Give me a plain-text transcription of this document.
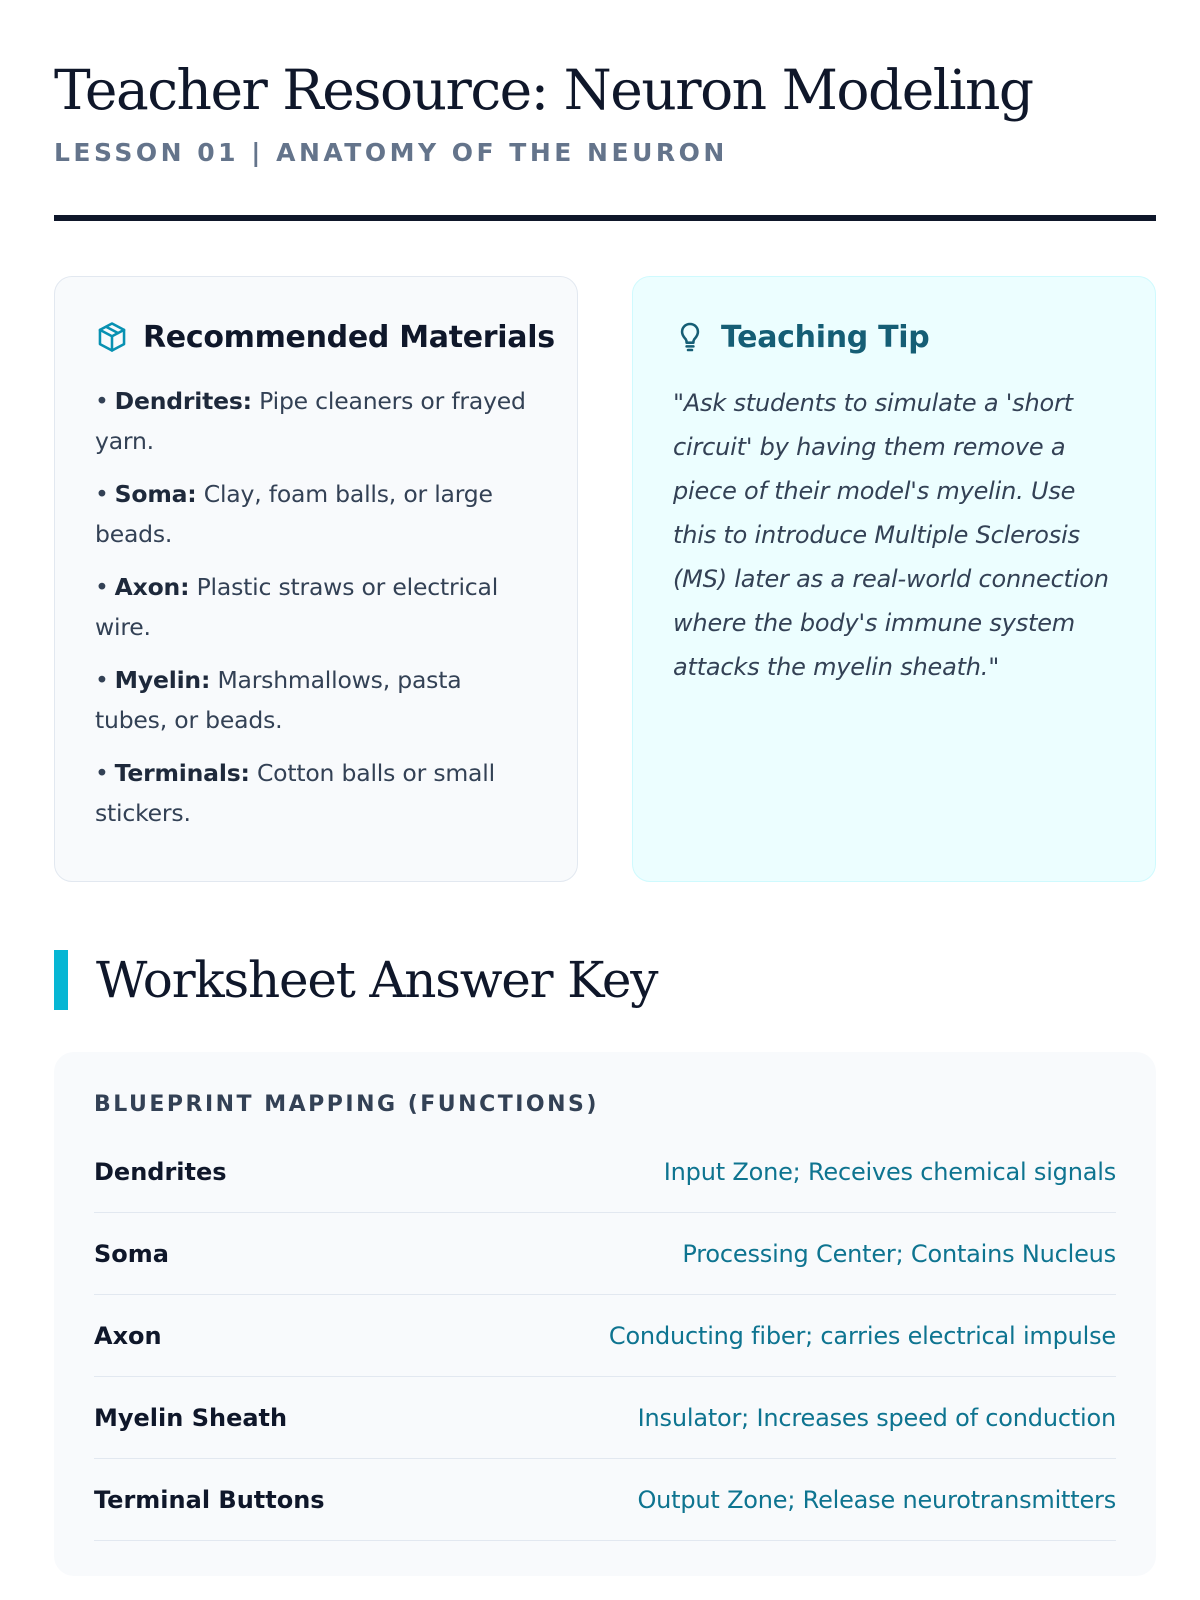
Teacher Resource: Neuron Modeling
LESSON 01 | ANATOMY OF THE NEURON
Recommended Materials
• Dendrites: Pipe cleaners or frayed yarn.
• Soma: Clay, foam balls, or large beads.
• Axon: Plastic straws or electrical wire.
• Myelin: Marshmallows, pasta tubes, or beads.
• Terminals: Cotton balls or small stickers.
Teaching Tip

"Ask students to simulate a 'short circuit' by having them remove a piece of their model's myelin. Use this to introduce Multiple Sclerosis (MS) later as a real-world connection where the body's immune system attacks the myelin sheath."

Worksheet Answer Key
BLUEPRINT MAPPING (FUNCTIONS)
Dendrites	Input Zone; Receives chemical signals
Soma	Processing Center; Contains Nucleus
Axon	Conducting fiber; carries electrical impulse
Myelin Sheath	Insulator; Increases speed of conduction
Terminal Buttons	Output Zone; Release neurotransmitters
